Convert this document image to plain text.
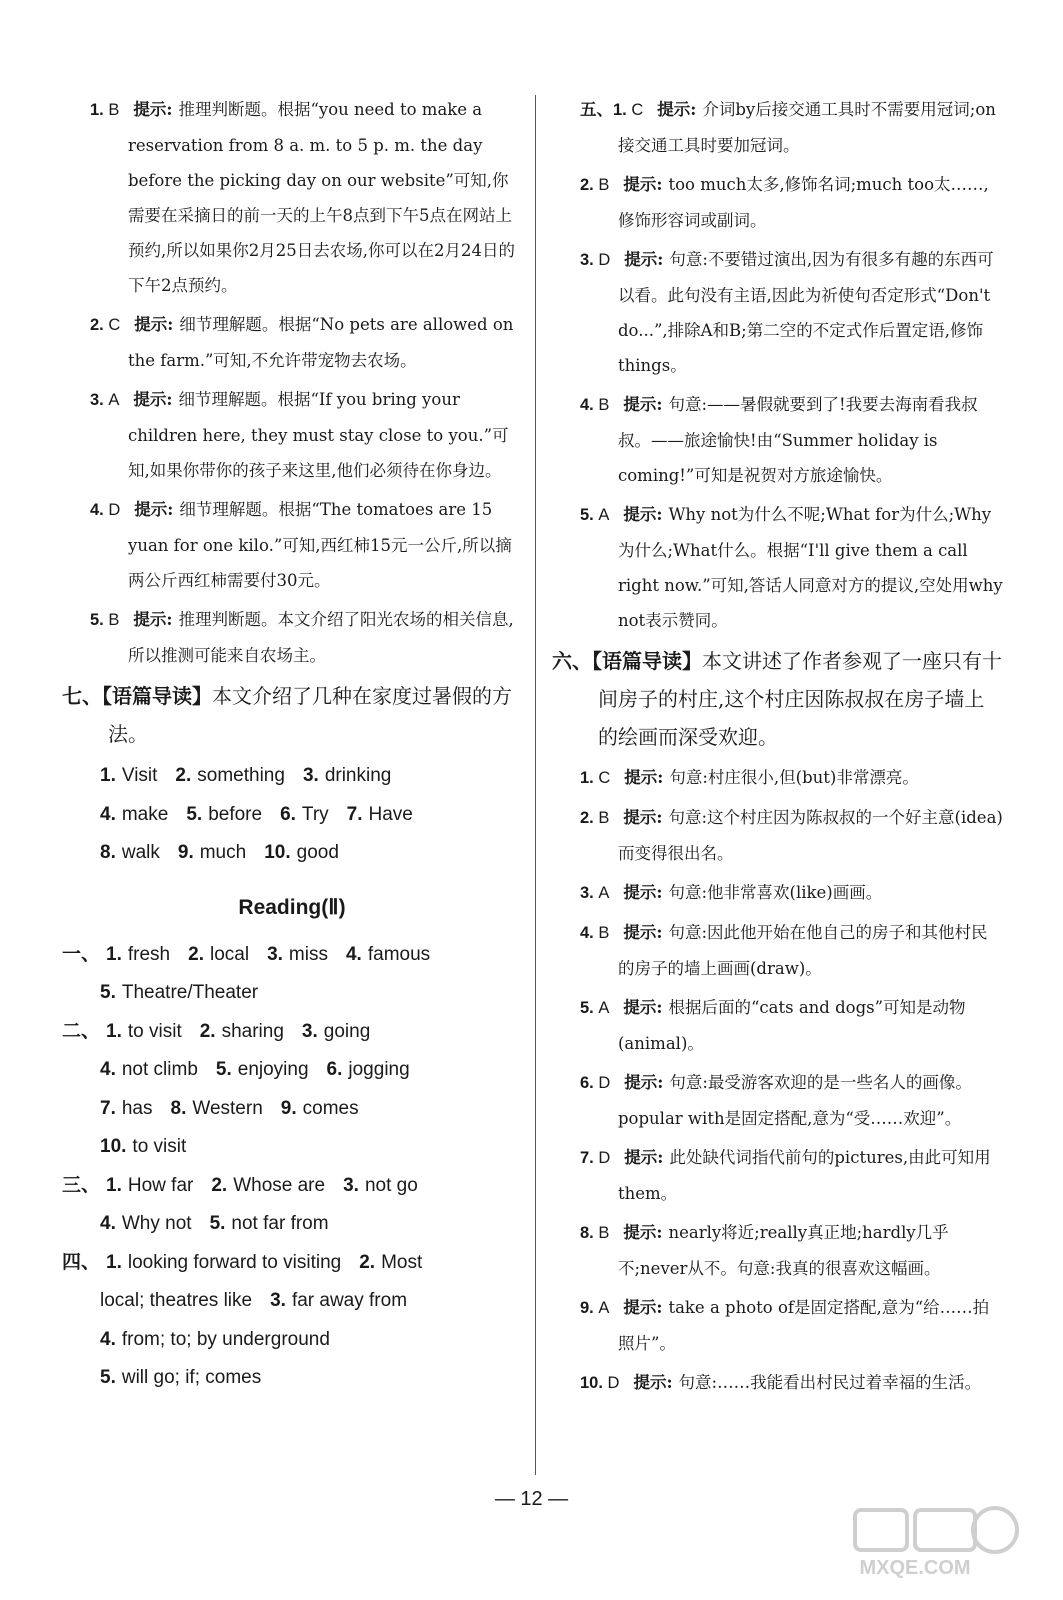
1. B 提示: 推理判断题。根据“you need to make a reservation from 8 a. m. to 5 p. m. the day before the picking day on our website”可知,你需要在采摘日的前一天的上午8点到下午5点在网站上预约,所以如果你2月25日去农场,你可以在2月24日的下午2点预约。
2. C 提示: 细节理解题。根据“No pets are allowed on the farm.”可知,不允许带宠物去农场。
3. A 提示: 细节理解题。根据“If you bring your children here, they must stay close to you.”可知,如果你带你的孩子来这里,他们必须待在你身边。
4. D 提示: 细节理解题。根据“The tomatoes are 15 yuan for one kilo.”可知,西红柿15元一公斤,所以摘两公斤西红柿需要付30元。
5. B 提示: 推理判断题。本文介绍了阳光农场的相关信息,所以推测可能来自农场主。
七、【语篇导读】本文介绍了几种在家度过暑假的方法。
1. Visit 2. something 3. drinking
4. make 5. before 6. Try 7. Have
8. walk 9. much 10. good
Reading(Ⅱ)
一、 1. fresh 2. local 3. miss 4. famous
5. Theatre/Theater
二、 1. to visit 2. sharing 3. going
4. not climb 5. enjoying 6. jogging
7. has 8. Western 9. comes
10. to visit
三、 1. How far 2. Whose are 3. not go
4. Why not 5. not far from
四、 1. looking forward to visiting 2. Most
local; theatres like 3. far away from
4. from; to; by underground
5. will go; if; comes
五、1. C 提示: 介词by后接交通工具时不需要用冠词;on接交通工具时要加冠词。
2. B 提示: too much太多,修饰名词;much too太……,修饰形容词或副词。
3. D 提示: 句意:不要错过演出,因为有很多有趣的东西可以看。此句没有主语,因此为祈使句否定形式“Don't do...”,排除A和B;第二空的不定式作后置定语,修饰things。
4. B 提示: 句意:——暑假就要到了!我要去海南看我叔叔。——旅途愉快!由“Summer holiday is coming!”可知是祝贺对方旅途愉快。
5. A 提示: Why not为什么不呢;What for为什么;Why为什么;What什么。根据“I'll give them a call right now.”可知,答话人同意对方的提议,空处用why not表示赞同。
六、【语篇导读】本文讲述了作者参观了一座只有十间房子的村庄,这个村庄因陈叔叔在房子墙上的绘画而深受欢迎。
1. C 提示: 句意:村庄很小,但(but)非常漂亮。
2. B 提示: 句意:这个村庄因为陈叔叔的一个好主意(idea)而变得很出名。
3. A 提示: 句意:他非常喜欢(like)画画。
4. B 提示: 句意:因此他开始在他自己的房子和其他村民的房子的墙上画画(draw)。
5. A 提示: 根据后面的“cats and dogs”可知是动物(animal)。
6. D 提示: 句意:最受游客欢迎的是一些名人的画像。popular with是固定搭配,意为“受……欢迎”。
7. D 提示: 此处缺代词指代前句的pictures,由此可知用them。
8. B 提示: nearly将近;really真正地;hardly几乎不;never从不。句意:我真的很喜欢这幅画。
9. A 提示: take a photo of是固定搭配,意为“给……拍照片”。
10. D 提示: 句意:……我能看出村民过着幸福的生活。
— 12 —
MXQE.COM
